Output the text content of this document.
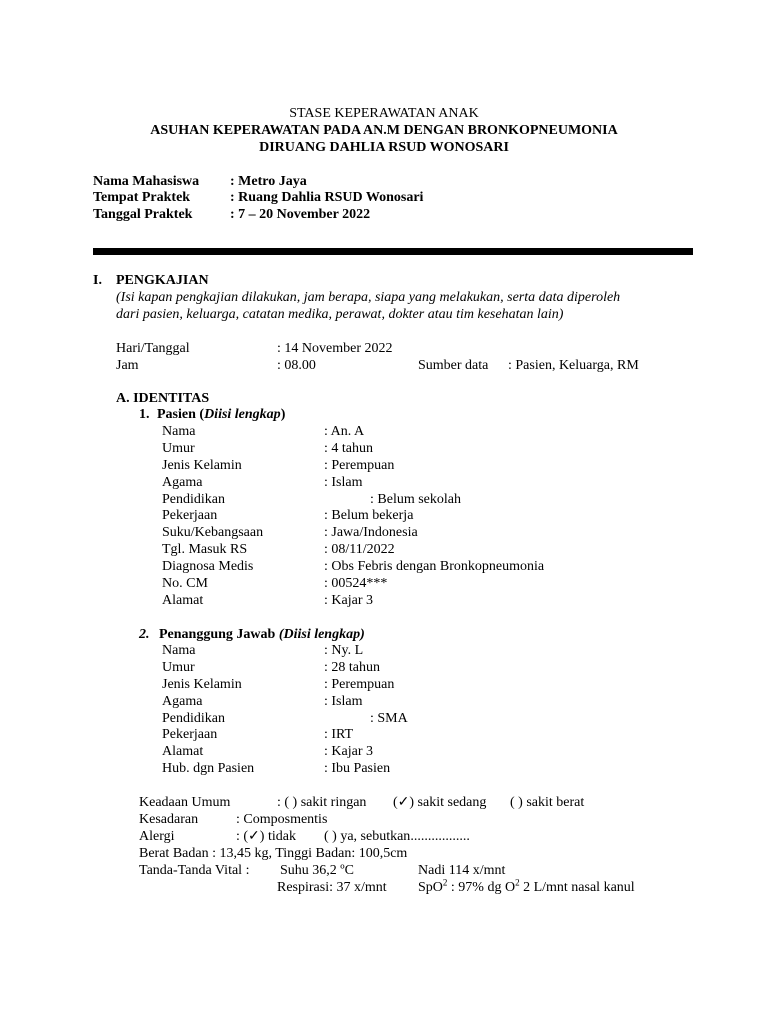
STASE KEPERAWATAN ANAK
ASUHAN KEPERAWATAN PADA AN.M DENGAN BRONKOPNEUMONIA
DIRUANG DAHLIA RSUD WONOSARI
Nama Mahasiswa : Metro Jaya
Tempat Praktek	: Ruang Dahlia RSUD Wonosari
Tanggal Praktek	: 7 – 20 November 2022
I. PENGKAJIAN
(Isi kapan pengkajian dilakukan, jam berapa, siapa yang melakukan, serta data diperoleh
dari pasien, keluarga, catatan medika, perawat, dokter atau tim kesehatan lain)
Hari/Tanggal	: 14 November 2022
Jam	: 08.00	Sumber data : Pasien, Keluarga, RM
A. IDENTITAS
1. Pasien (Diisi lengkap)
Nama	: An. A
Umur	: 4 tahun
Jenis Kelamin	: Perempuan
Agama	: Islam
Pendidikan	: Belum sekolah
Pekerjaan	: Belum bekerja
Suku/Kebangsaan	: Jawa/Indonesia
Tgl. Masuk RS	: 08/11/2022
Diagnosa Medis	: Obs Febris dengan Bronkopneumonia
No. CM	: 00524***
Alamat	: Kajar 3
2. Penanggung Jawab (Diisi lengkap)
Nama	: Ny. L
Umur	: 28 tahun
Jenis Kelamin	: Perempuan
Agama	: Islam
Pendidikan	: SMA
Pekerjaan	: IRT
Alamat	: Kajar 3
Hub. dgn Pasien	: Ibu Pasien
Keadaan Umum	: ( ) sakit ringan (✓) sakit sedang ( ) sakit berat
Kesadaran	: Composmentis
Alergi	: (✓) tidak ( ) ya, sebutkan.................
Berat Badan : 13,45 kg, Tinggi Badan: 100,5cm
Tanda-Tanda Vital : Suhu 36,2 ºC	Nadi 114 x/mnt
Respirasi: 37 x/mnt SpO$^2$ : 97% dg $O^2$ 2 L/mnt nasal kanul
